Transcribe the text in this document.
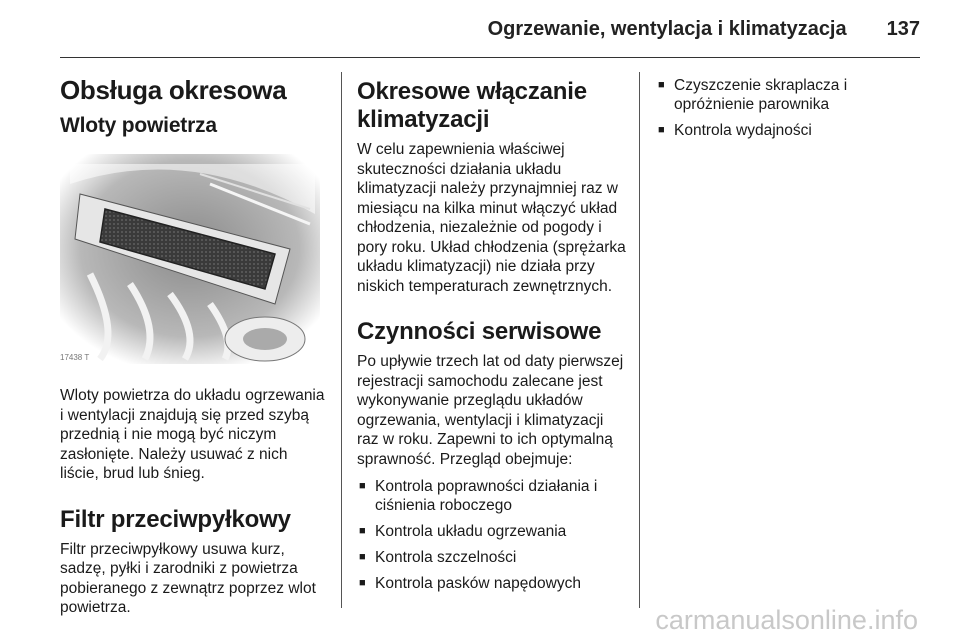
Ogrzewanie, wentylacja i klimatyzacja 137
Obsługa okresowa
Wloty powietrza
17438 T

Wloty powietrza do układu ogrzewania i wentylacji znajdują się przed szybą przednią i nie mogą być niczym zasłonięte. Należy usuwać z nich liście, brud lub śnieg.

Filtr przeciwpyłkowy

Filtr przeciwpyłkowy usuwa kurz, sadzę, pyłki i zarodniki z powietrza pobieranego z zewnątrz poprzez wlot powietrza.

Okresowe włączanie klimatyzacji

W celu zapewnienia właściwej skuteczności działania układu klimatyzacji należy przynajmniej raz w miesiącu na kilka minut włączyć układ chłodzenia, niezależnie od pogody i pory roku. Układ chłodzenia (sprężarka układu klimatyzacji) nie działa przy niskich temperaturach zewnętrznych.

Czynności serwisowe

Po upływie trzech lat od daty pierwszej rejestracji samochodu zalecane jest wykonywanie przeglądu układów ogrzewania, wentylacji i klimatyzacji raz w roku. Zapewni to ich optymalną sprawność. Przegląd obejmuje:

■ Kontrola poprawności działania i ciśnienia roboczego
■ Kontrola układu ogrzewania
■ Kontrola szczelności
■ Kontrola pasków napędowych
■ Czyszczenie skraplacza i opróżnienie parownika
■ Kontrola wydajności
carmanualsonline.info
